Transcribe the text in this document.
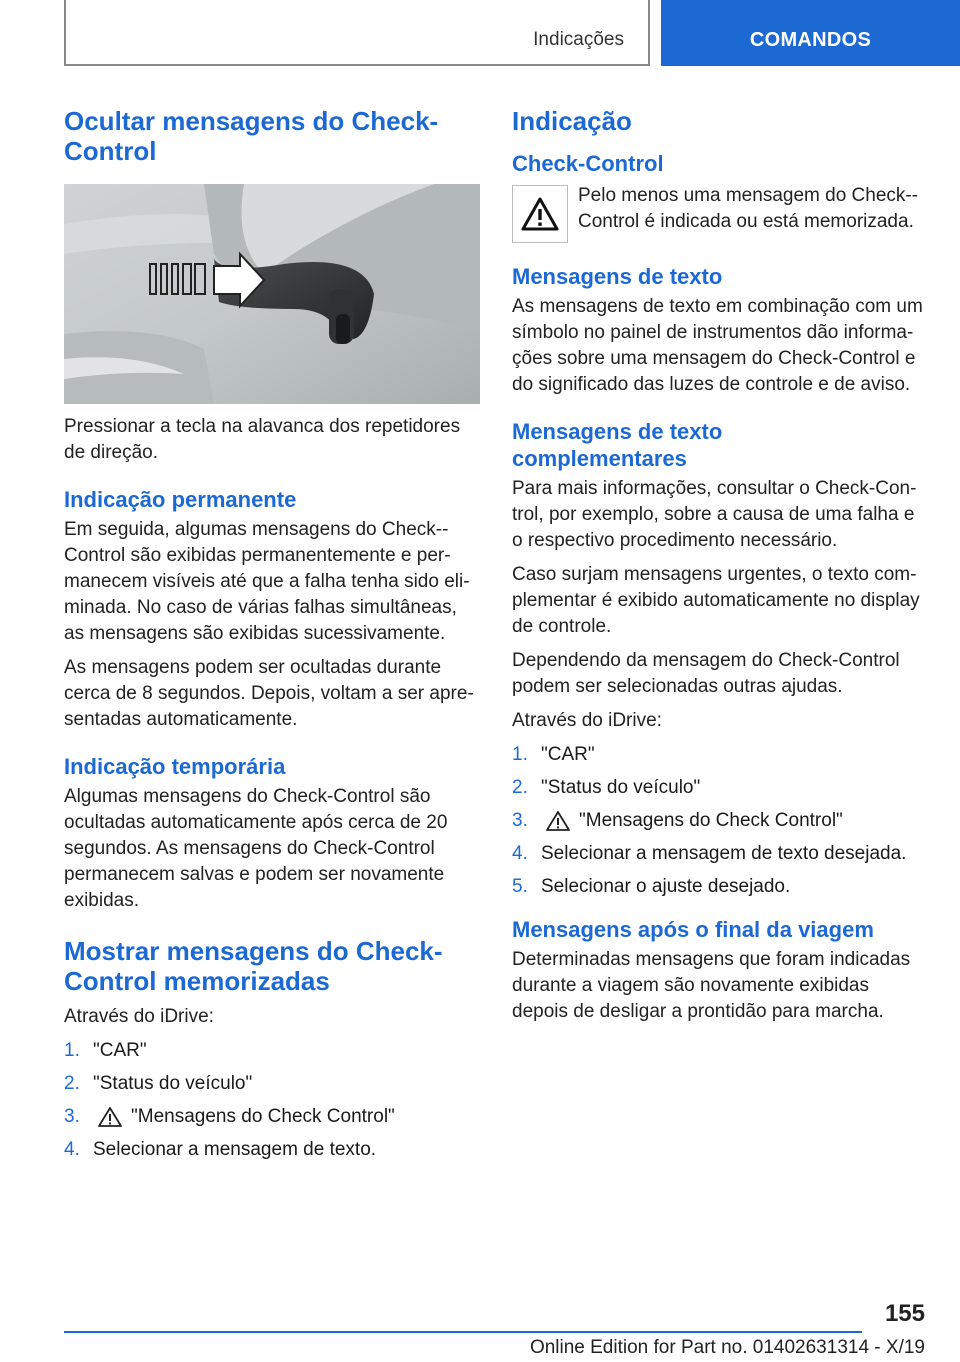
Indicações	COMANDOS
Ocultar mensagens do Check-Control

Pressionar a tecla na alavanca dos repetidores de direção.

Indicação permanente

Em seguida, algumas mensagens do Check--Control são exibidas permanentemente e per‐manecem visíveis até que a falha tenha sido eli‐minada. No caso de várias falhas simultâneas, as mensagens são exibidas sucessivamente.

As mensagens podem ser ocultadas durante cerca de 8 segundos. Depois, voltam a ser apre‐sentadas automaticamente.

Indicação temporária

Algumas mensagens do Check-Control são ocultadas automaticamente após cerca de 20 segundos. As mensagens do Check-Control permanecem salvas e podem ser novamente exibidas.

Mostrar mensagens do Check-Control memorizadas

Através do iDrive:

1. "CAR"
2. "Status do veículo"
3.	"Mensagens do Check Control"
4. Selecionar a mensagem de texto.
Indicação
Check-Control
Pelo menos uma mensagem do Check--Control é indicada ou está memorizada.
Mensagens de texto

As mensagens de texto em combinação com um símbolo no painel de instrumentos dão informa‐ções sobre uma mensagem do Check-Control e do significado das luzes de controle e de aviso.

Mensagens de texto complementares

Para mais informações, consultar o Check-Con‐trol, por exemplo, sobre a causa de uma falha e o respectivo procedimento necessário.

Caso surjam mensagens urgentes, o texto com‐plementar é exibido automaticamente no display de controle.

Dependendo da mensagem do Check-Control podem ser selecionadas outras ajudas.

Através do iDrive:

1. "CAR"
2. "Status do veículo"
3.	"Mensagens do Check Control"
4. Selecionar a mensagem de texto desejada.
5. Selecionar o ajuste desejado.
Mensagens após o final da viagem

Determinadas mensagens que foram indicadas durante a viagem são novamente exibidas depois de desligar a prontidão para marcha.

155
Online Edition for Part no. 01402631314 - X/19
